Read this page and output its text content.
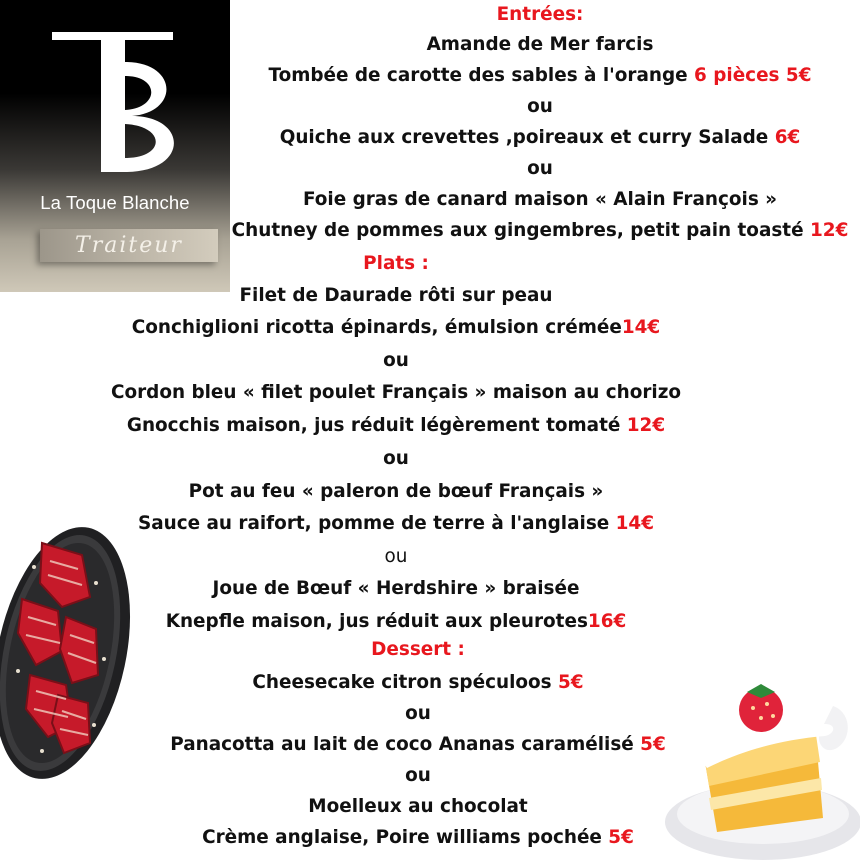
La Toque Blanche
Traiteur
Entrées:
Amande de Mer farcis
Tombée de carotte des sables à l'orange 6 pièces 5€
ou
Quiche aux crevettes ,poireaux et curry Salade 6€
ou
Foie gras de canard maison « Alain François »
Chutney de pommes aux gingembres, petit pain toasté 12€
Plats :
Filet de Daurade rôti sur peau
Conchiglioni ricotta épinards, émulsion crémée14€
ou
Cordon bleu « filet poulet Français » maison au chorizo
Gnocchis maison, jus réduit légèrement tomaté 12€
ou
Pot au feu « paleron de bœuf Français »
Sauce au raifort, pomme de terre à l'anglaise 14€
ou
Joue de Bœuf « Herdshire » braisée
Knepfle maison, jus réduit aux pleurotes16€
Dessert :
Cheesecake citron spéculoos 5€
ou
Panacotta au lait de coco Ananas caramélisé 5€
ou
Moelleux au chocolat
Crème anglaise, Poire williams pochée 5€
